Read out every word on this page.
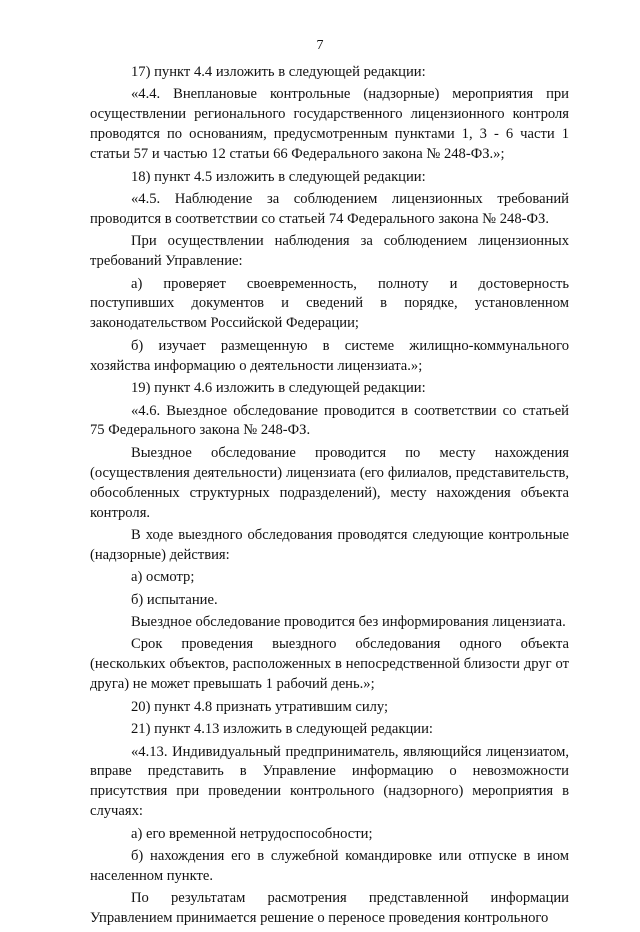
7

17) пункт 4.4 изложить в следующей редакции:

«4.4. Внеплановые контрольные (надзорные) мероприятия при осуществлении регионального государственного лицензионного контроля проводятся по основаниям, предусмотренным пунктами 1, 3 - 6 части 1 статьи 57 и частью 12 статьи 66 Федерального закона № 248-ФЗ.»;

18) пункт 4.5 изложить в следующей редакции:

«4.5. Наблюдение за соблюдением лицензионных требований проводится в соответствии со статьей 74 Федерального закона № 248-ФЗ.

При осуществлении наблюдения за соблюдением лицензионных требований Управление:

а) проверяет своевременность, полноту и достоверность поступивших документов и сведений в порядке, установленном законодательством Российской Федерации;

б) изучает размещенную в системе жилищно-коммунального хозяйства информацию о деятельности лицензиата.»;

19) пункт 4.6 изложить в следующей редакции:

«4.6. Выездное обследование проводится в соответствии со статьей 75 Федерального закона № 248-ФЗ.

Выездное обследование проводится по месту нахождения (осуществления деятельности) лицензиата (его филиалов, представительств, обособленных структурных подразделений), месту нахождения объекта контроля.

В ходе выездного обследования проводятся следующие контрольные (надзорные) действия:

а) осмотр;

б) испытание.

Выездное обследование проводится без информирования лицензиата.

Срок проведения выездного обследования одного объекта (нескольких объектов, расположенных в непосредственной близости друг от друга) не может превышать 1 рабочий день.»;

20) пункт 4.8 признать утратившим силу;

21) пункт 4.13 изложить в следующей редакции:

«4.13. Индивидуальный предприниматель, являющийся лицензиатом, вправе представить в Управление информацию о невозможности присутствия при проведении контрольного (надзорного) мероприятия в случаях:

а) его временной нетрудоспособности;

б) нахождения его в служебной командировке или отпуске в ином населенном пункте.

По результатам расмотрения представленной информации Управлением принимается решение о переносе проведения контрольного
